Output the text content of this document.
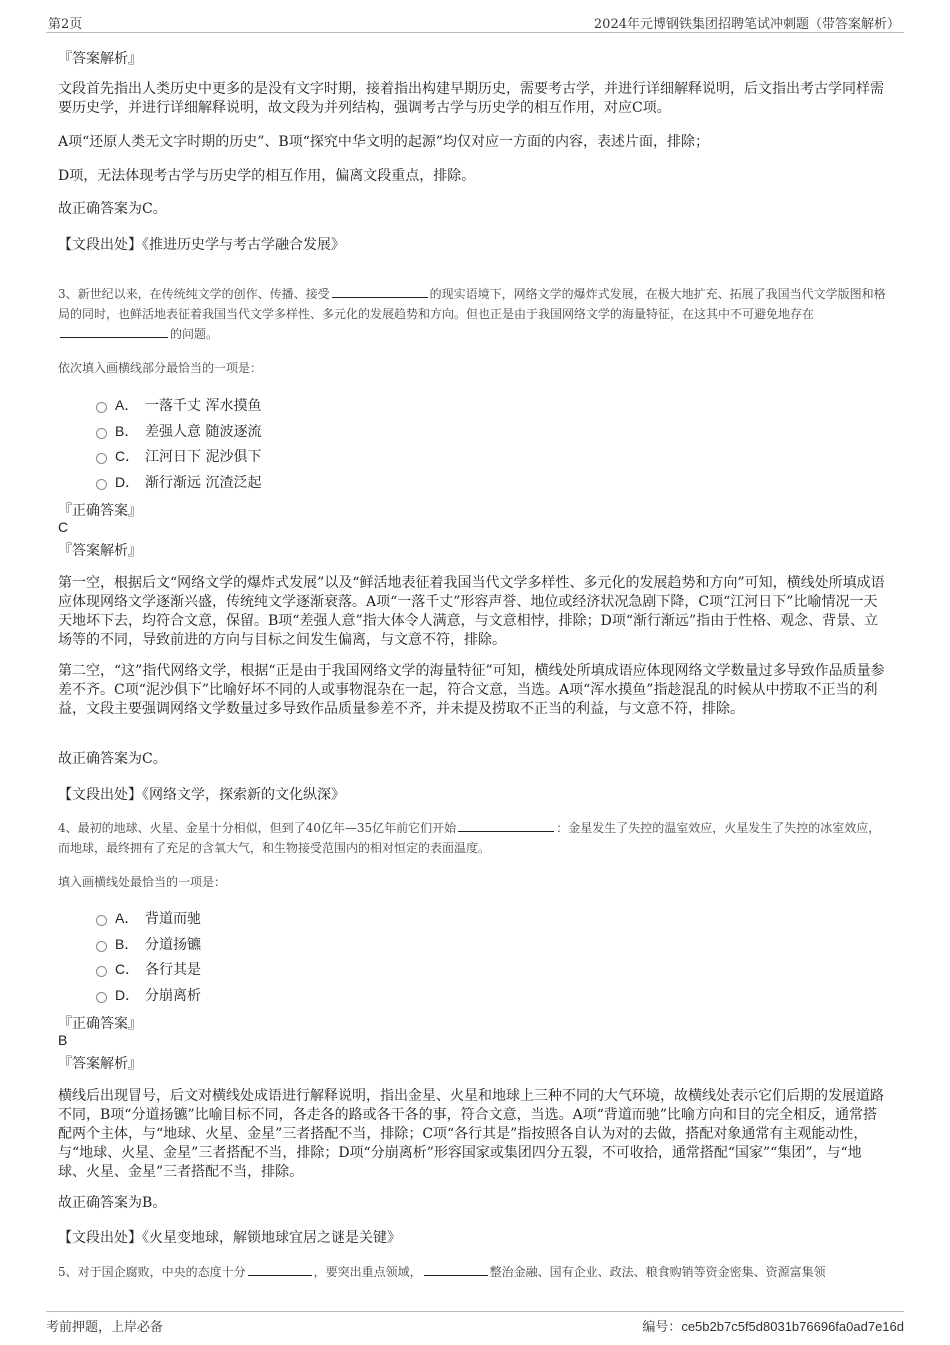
第2页	2024年元博钢铁集团招聘笔试冲刺题（带答案解析）
『答案解析』
文段首先指出人类历史中更多的是没有文字时期，接着指出构建早期历史，需要考古学，并进行详细解释说明，后文指出考古学同样需要历史学，并进行详细解释说明，故文段为并列结构，强调考古学与历史学的相互作用，对应C项。
A项“还原人类无文字时期的历史”、B项“探究中华文明的起源”均仅对应一方面的内容，表述片面，排除；
D项，无法体现考古学与历史学的相互作用，偏离文段重点，排除。
故正确答案为C。
【文段出处】《推进历史学与考古学融合发展》
3、新世纪以来，在传统纯文学的创作、传播、接受	的现实语境下，网络文学的爆炸式发展，在极大地扩充、拓展了我国当代文学版图和格局的同时，也鲜活地表征着我国当代文学多样性、多元化的发展趋势和方向。但也正是由于我国网络文学的海量特征，在这其中不可避免地存在的问题。
依次填入画横线部分最恰当的一项是：
A． 一落千丈 浑水摸鱼
B． 差强人意 随波逐流
C． 江河日下 泥沙俱下
D． 渐行渐远 沉渣泛起
『正确答案』
C
『答案解析』
第一空，根据后文“网络文学的爆炸式发展”以及“鲜活地表征着我国当代文学多样性、多元化的发展趋势和方向”可知，横线处所填成语应体现网络文学逐渐兴盛，传统纯文学逐渐衰落。A项“一落千丈”形容声誉、地位或经济状况急剧下降，C项“江河日下”比喻情况一天天地坏下去，均符合文意，保留。B项“差强人意”指大体令人满意，与文意相悖，排除；D项“渐行渐远”指由于性格、观念、背景、立场等的不同，导致前进的方向与目标之间发生偏离，与文意不符，排除。
第二空，“这”指代网络文学，根据“正是由于我国网络文学的海量特征”可知，横线处所填成语应体现网络文学数量过多导致作品质量参差不齐。C项“泥沙俱下”比喻好坏不同的人或事物混杂在一起，符合文意，当选。A项“浑水摸鱼”指趁混乱的时候从中捞取不正当的利益，文段主要强调网络文学数量过多导致作品质量参差不齐，并未提及捞取不正当的利益，与文意不符，排除。
故正确答案为C。
【文段出处】《网络文学，探索新的文化纵深》
4、最初的地球、火星、金星十分相似，但到了40亿年—35亿年前它们开始	：金星发生了失控的温室效应，火星发生了失控的冰室效应，而地球，最终拥有了充足的含氧大气，和生物接受范围内的相对恒定的表面温度。
填入画横线处最恰当的一项是：
A． 背道而驰
B． 分道扬镳
C． 各行其是
D． 分崩离析
『正确答案』
B
『答案解析』
横线后出现冒号，后文对横线处成语进行解释说明，指出金星、火星和地球上三种不同的大气环境，故横线处表示它们后期的发展道路不同，B项“分道扬镳”比喻目标不同，各走各的路或各干各的事，符合文意，当选。A项“背道而驰”比喻方向和目的完全相反，通常搭配两个主体，与“地球、火星、金星”三者搭配不当，排除；C项“各行其是”指按照各自认为对的去做，搭配对象通常有主观能动性，与“地球、火星、金星”三者搭配不当，排除；D项“分崩离析”形容国家或集团四分五裂，不可收拾，通常搭配“国家”“集团”，与“地球、火星、金星”三者搭配不当，排除。
故正确答案为B。
【文段出处】《火星变地球，解锁地球宜居之谜是关键》
5、对于国企腐败，中央的态度十分	，要突出重点领域，	整治金融、国有企业、政法、粮食购销等资金密集、资源富集领
考前押题，上岸必备	编号：ce5b2b7c5f5d8031b76696fa0ad7e16d
